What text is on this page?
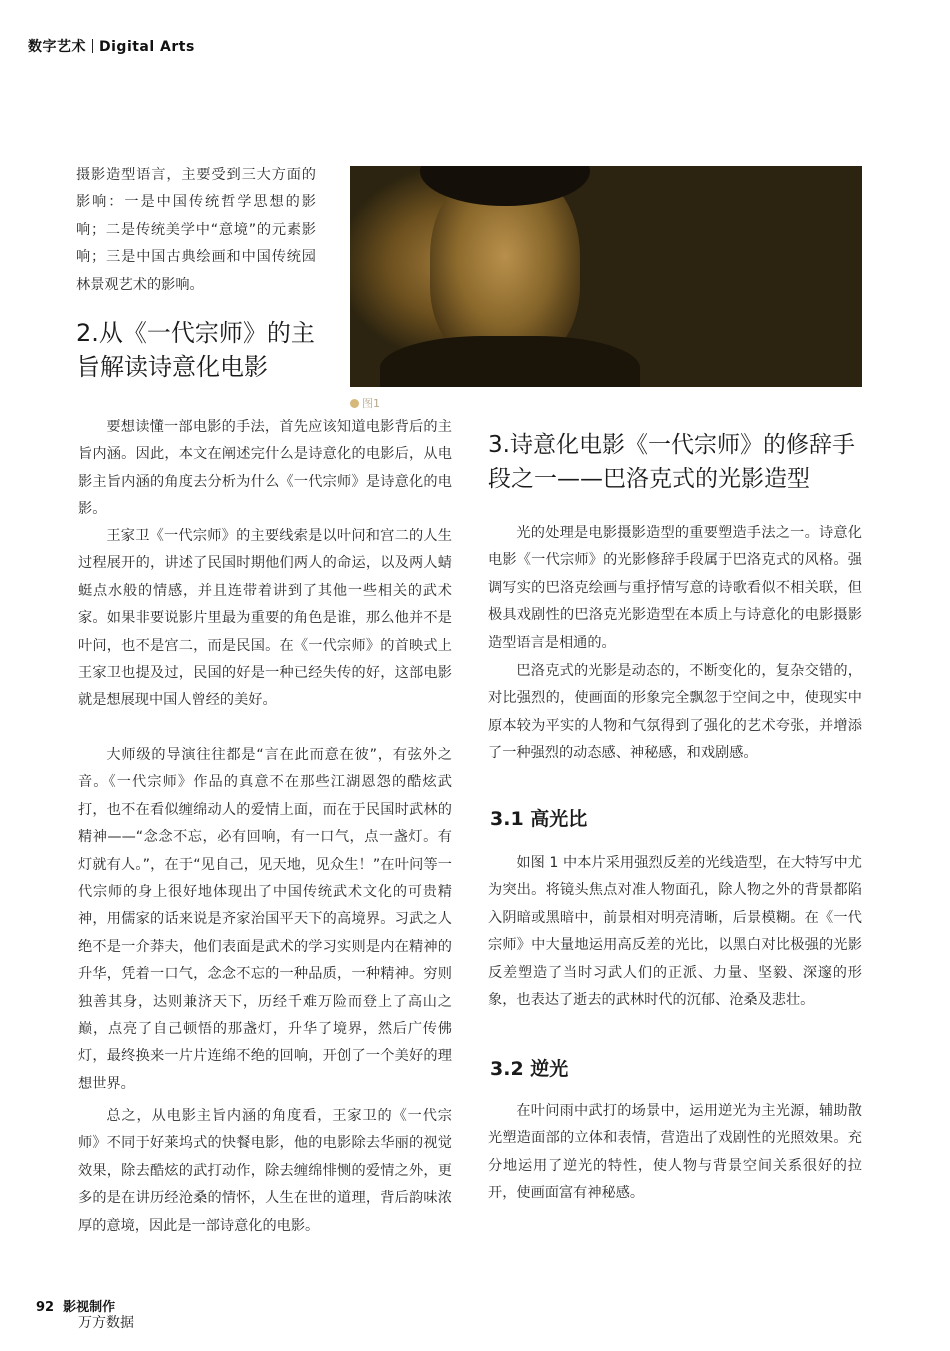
数字艺术 Digital Arts

摄影造型语言，主要受到三大方面的影响：一是中国传统哲学思想的影响；二是传统美学中“意境”的元素影响；三是中国古典绘画和中国传统园林景观艺术的影响。

2.从《一代宗师》的主旨解读诗意化电影

要想读懂一部电影的手法，首先应该知道电影背后的主旨内涵。因此，本文在阐述完什么是诗意化的电影后，从电影主旨内涵的角度去分析为什么《一代宗师》是诗意化的电影。

王家卫《一代宗师》的主要线索是以叶问和宫二的人生过程展开的，讲述了民国时期他们两人的命运，以及两人蜻蜓点水般的情感，并且连带着讲到了其他一些相关的武术家。如果非要说影片里最为重要的角色是谁，那么他并不是叶问，也不是宫二，而是民国。在《一代宗师》的首映式上王家卫也提及过，民国的好是一种已经失传的好，这部电影就是想展现中国人曾经的美好。

大师级的导演往往都是“言在此而意在彼”，有弦外之音。《一代宗师》作品的真意不在那些江湖恩怨的酷炫武打，也不在看似缠绵动人的爱情上面，而在于民国时武林的精神——“念念不忘，必有回响，有一口气，点一盏灯。有灯就有人。”，在于“见自己，见天地，见众生！”在叶问等一代宗师的身上很好地体现出了中国传统武术文化的可贵精神，用儒家的话来说是齐家治国平天下的高境界。习武之人绝不是一介莽夫，他们表面是武术的学习实则是内在精神的升华，凭着一口气，念念不忘的一种品质，一种精神。穷则独善其身，达则兼济天下，历经千难万险而登上了高山之巅，点亮了自己顿悟的那盏灯，升华了境界，然后广传佛灯，最终换来一片片连绵不绝的回响，开创了一个美好的理想世界。

总之，从电影主旨内涵的角度看，王家卫的《一代宗师》不同于好莱坞式的快餐电影，他的电影除去华丽的视觉效果，除去酷炫的武打动作，除去缠绵悱恻的爱情之外，更多的是在讲历经沧桑的情怀，人生在世的道理，背后韵味浓厚的意境，因此是一部诗意化的电影。

图1
3.诗意化电影《一代宗师》的修辞手段之一——巴洛克式的光影造型

光的处理是电影摄影造型的重要塑造手法之一。诗意化电影《一代宗师》的光影修辞手段属于巴洛克式的风格。强调写实的巴洛克绘画与重抒情写意的诗歌看似不相关联，但极具戏剧性的巴洛克光影造型在本质上与诗意化的电影摄影造型语言是相通的。

巴洛克式的光影是动态的，不断变化的，复杂交错的，对比强烈的，使画面的形象完全飘忽于空间之中，使现实中原本较为平实的人物和气氛得到了强化的艺术夸张，并增添了一种强烈的动态感、神秘感，和戏剧感。

3.1 高光比

如图 1 中本片采用强烈反差的光线造型，在大特写中尤为突出。将镜头焦点对准人物面孔，除人物之外的背景都陷入阴暗或黑暗中，前景相对明亮清晰，后景模糊。在《一代宗师》中大量地运用高反差的光比，以黑白对比极强的光影反差塑造了当时习武人们的正派、力量、坚毅、深邃的形象，也表达了逝去的武林时代的沉郁、沧桑及悲壮。

3.2 逆光

在叶问雨中武打的场景中，运用逆光为主光源，辅助散光塑造面部的立体和表情，营造出了戏剧性的光照效果。充分地运用了逆光的特性，使人物与背景空间关系很好的拉开，使画面富有神秘感。

92 影视制作
万方数据
